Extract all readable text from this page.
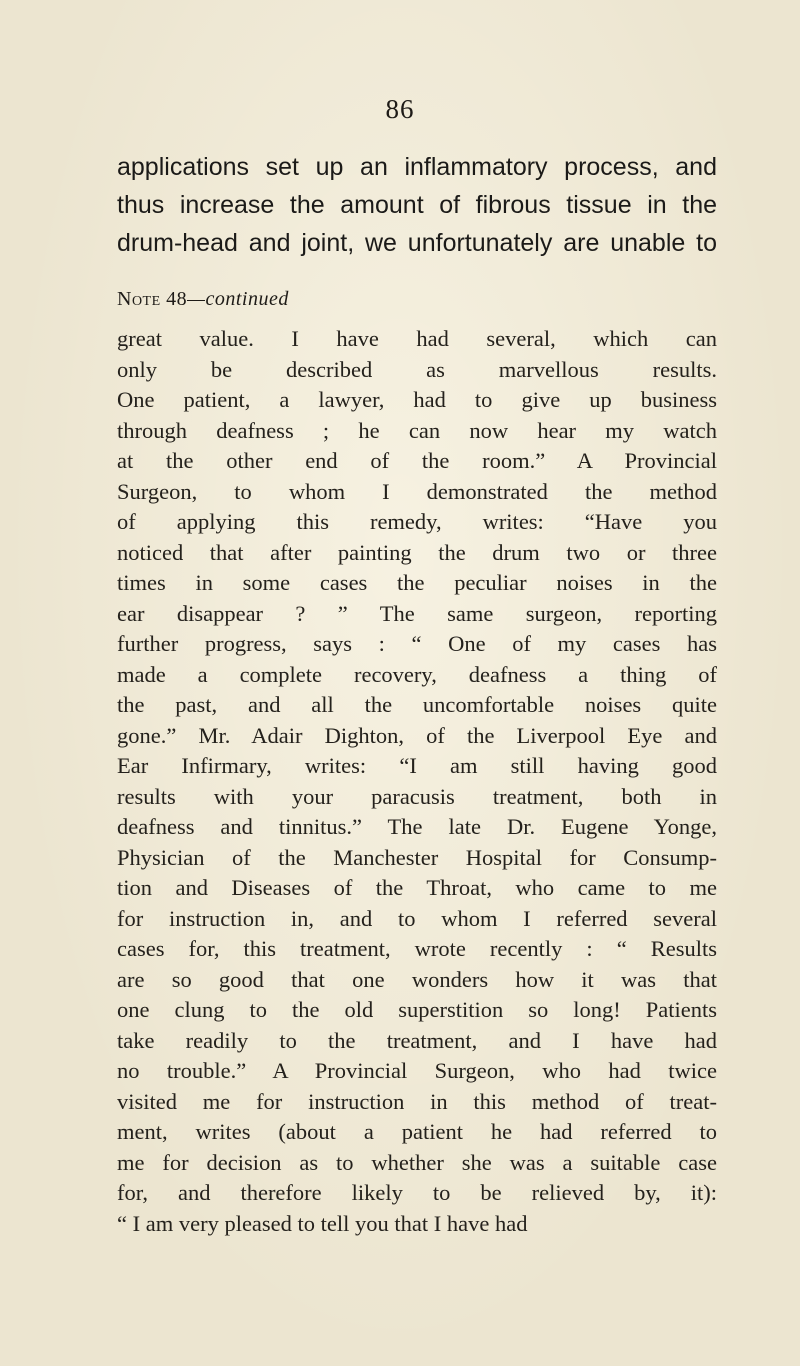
86
applications set up an inflammatory process, and
thus increase the amount of fibrous tissue in the
drum-head and joint, we unfortunately are unable to
Note 48—continued
great value. I have had several, which can
only be described as marvellous results.
One patient, a lawyer, had to give up business
through deafness ; he can now hear my watch
at the other end of the room.” A Provincial
Surgeon, to whom I demonstrated the method
of applying this remedy, writes: “Have you
noticed that after painting the drum two or three
times in some cases the peculiar noises in the
ear disappear ? ” The same surgeon, reporting
further progress, says : “ One of my cases has
made a complete recovery, deafness a thing of
the past, and all the uncomfortable noises quite
gone.” Mr. Adair Dighton, of the Liverpool Eye and
Ear Infirmary, writes: “I am still having good
results with your paracusis treatment, both in
deafness and tinnitus.” The late Dr. Eugene Yonge,
Physician of the Manchester Hospital for Consump-
tion and Diseases of the Throat, who came to me
for instruction in, and to whom I referred several
cases for, this treatment, wrote recently : “ Results
are so good that one wonders how it was that
one clung to the old superstition so long! Patients
take readily to the treatment, and I have had
no trouble.” A Provincial Surgeon, who had twice
visited me for instruction in this method of treat-
ment, writes (about a patient he had referred to
me for decision as to whether she was a suitable case
for, and therefore likely to be relieved by, it):
“ I am very pleased to tell you that I have had
